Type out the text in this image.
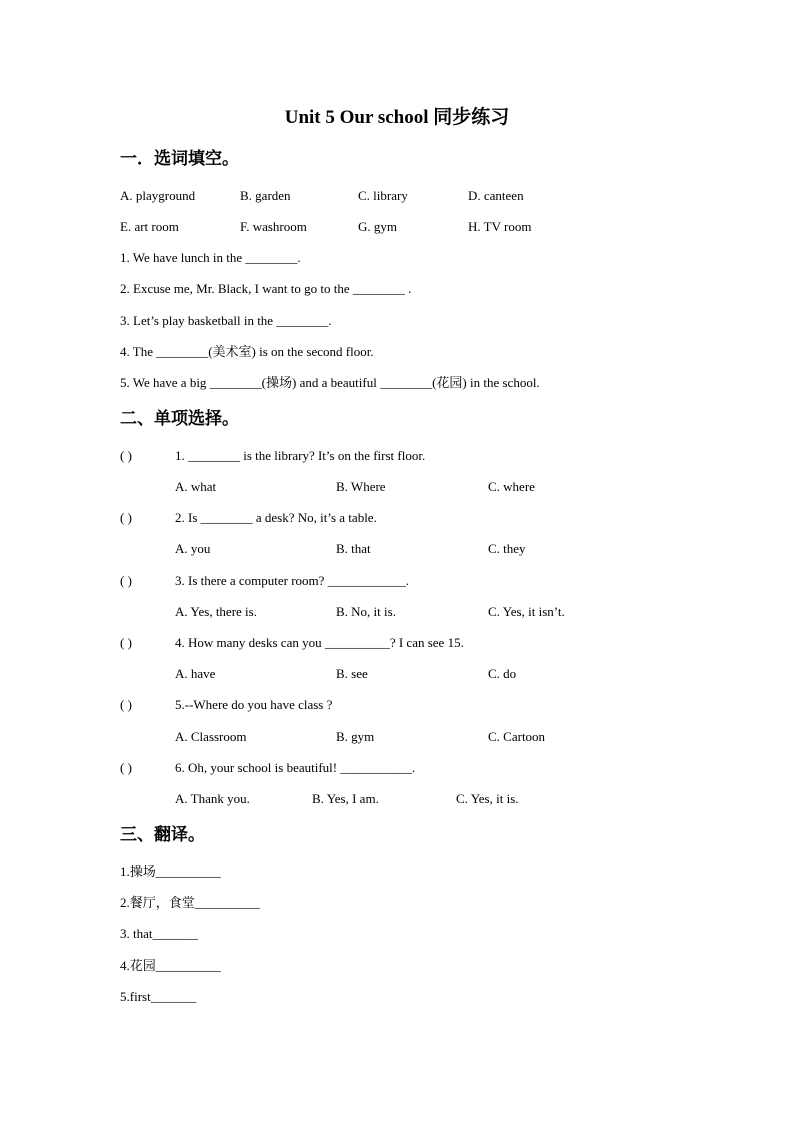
Unit 5 Our school 同步练习
一．选词填空。
A. playground	B. garden	C. library	D. canteen
E. art room	F. washroom	G. gym	H. TV room
1. We have lunch in the ________.
2. Excuse me, Mr. Black, I want to go to the ________ .
3. Let’s play basketball in the ________.
4. The ________(美术室) is on the second floor.
5. We have a big ________(操场) and a beautiful ________(花园) in the school.
二、单项选择。
( )	1. ________ is the library? It’s on the first floor.
A. what	B. Where	C. where
( )	2. Is ________ a desk? No, it’s a table.
A. you	B. that	C. they
( )	3. Is there a computer room? ____________.
A. Yes, there is.	B. No, it is.	C. Yes, it isn’t.
( )	4. How many desks can you __________? I can see 15.
A. have	B. see	C. do
( )	5.--Where do you have class ?
A. Classroom	B. gym	C. Cartoon
( )	6. Oh, your school is beautiful! ___________.
A. Thank you.	B. Yes, I am.	C. Yes, it is.
三、翻译。
1.操场__________
2.餐厅，食堂__________
3. that_______
4.花园__________
5.first_______
